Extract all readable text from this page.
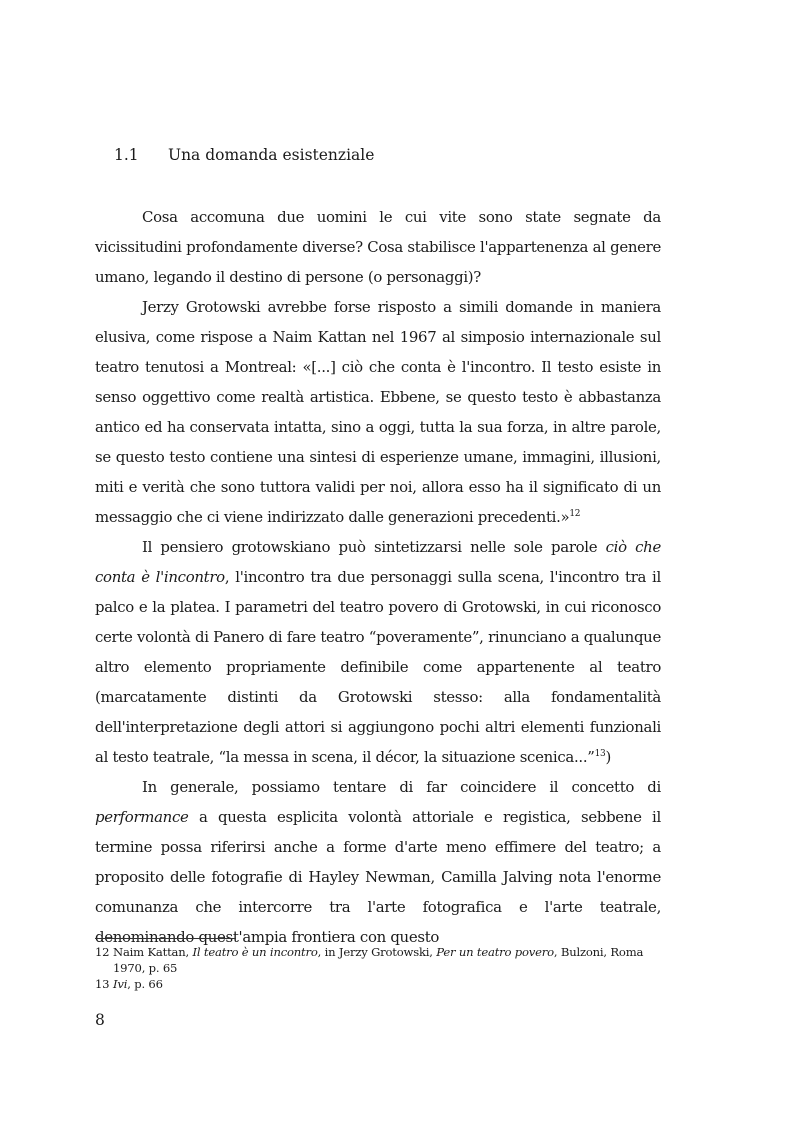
1.1 Una domanda esistenziale

Cosa accomuna due uomini le cui vite sono state segnate da vicissitudini profondamente diverse? Cosa stabilisce l'appartenenza al genere umano, legando il destino di persone (o personaggi)?

Jerzy Grotowski avrebbe forse risposto a simili domande in maniera elusiva, come rispose a Naim Kattan nel 1967 al simposio internazionale sul teatro tenutosi a Montreal: «[...] ciò che conta è l'incontro. Il testo esiste in senso oggettivo come realtà artistica. Ebbene, se questo testo è abbastanza antico ed ha conservata intatta, sino a oggi, tutta la sua forza, in altre parole, se questo testo contiene una sintesi di esperienze umane, immagini, illusioni, miti e verità che sono tuttora validi per noi, allora esso ha il significato di un messaggio che ci viene indirizzato dalle generazioni precedenti.»$^{12}$

Il pensiero grotowskiano può sintetizzarsi nelle sole parole ciò che conta è l'incontro, l'incontro tra due personaggi sulla scena, l'incontro tra il palco e la platea. I parametri del teatro povero di Grotowski, in cui riconosco certe volontà di Panero di fare teatro “poveramente”, rinunciano a qualunque altro elemento propriamente definibile come appartenente al teatro (marcatamente distinti da Grotowski stesso: alla fondamentalità dell'interpretazione degli attori si aggiungono pochi altri elementi funzionali al testo teatrale, “la messa in scena, il décor, la situazione scenica...”$^{13}$)

In generale, possiamo tentare di far coincidere il concetto di performance a questa esplicita volontà attoriale e registica, sebbene il termine possa riferirsi anche a forme d'arte meno effimere del teatro; a proposito delle fotografie di Hayley Newman, Camilla Jalving nota l'enorme comunanza che intercorre tra l'arte fotografica e l'arte teatrale, denominando quest'ampia frontiera con questo

12 Naim Kattan, Il teatro è un incontro, in Jerzy Grotowski, Per un teatro povero, Bulzoni, Roma 1970, p. 65
13 Ivi, p. 66
8
